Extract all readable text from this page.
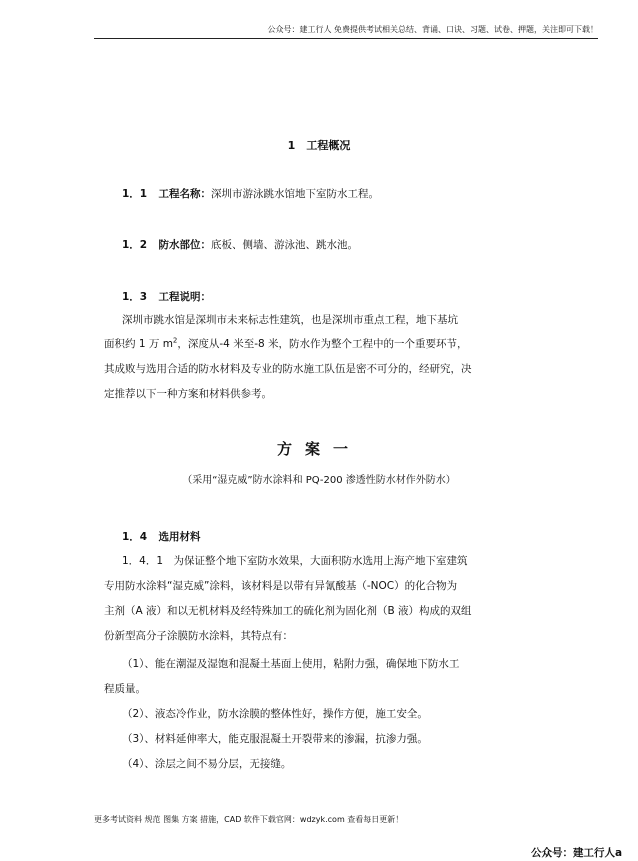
公众号：建工行人 免费提供考试相关总结、背诵、口诀、习题、试卷、押题，关注即可下载！
1　工程概况
1．1 工程名称：深圳市游泳跳水馆地下室防水工程。
1．2 防水部位：底板、侧墙、游泳池、跳水池。
1．3 工程说明：
深圳市跳水馆是深圳市未来标志性建筑，也是深圳市重点工程，地下基坑
面积约 1 万 $m^2$，深度从-4 米至-8 米，防水作为整个工程中的一个重要环节，
其成败与选用合适的防水材料及专业的防水施工队伍是密不可分的，经研究，决
定推荐以下一种方案和材料供参考。
方案一
（采用“湿克威”防水涂料和 PQ-200 渗透性防水材作外防水）
1．4 选用材料
1．4．1　为保证整个地下室防水效果，大面积防水选用上海产地下室建筑
专用防水涂料“湿克威”涂料，该材料是以带有异氰酸基（-NOC）的化合物为
主剂（A 液）和以无机材料及经特殊加工的硫化剂为固化剂（B 液）构成的双组
份新型高分子涂膜防水涂料，其特点有：
（1）、能在潮湿及湿饱和混凝土基面上使用，粘附力强，确保地下防水工
程质量。
（2）、液态冷作业，防水涂膜的整体性好，操作方便，施工安全。
（3）、材料延伸率大，能克服混凝土开裂带来的渗漏，抗渗力强。
（4）、涂层之间不易分层，无接缝。
更多考试资料 规范 图集 方案 措施，CAD 软件下载官网：wdzyk.com 查看每日更新！
公众号：建工行人a
